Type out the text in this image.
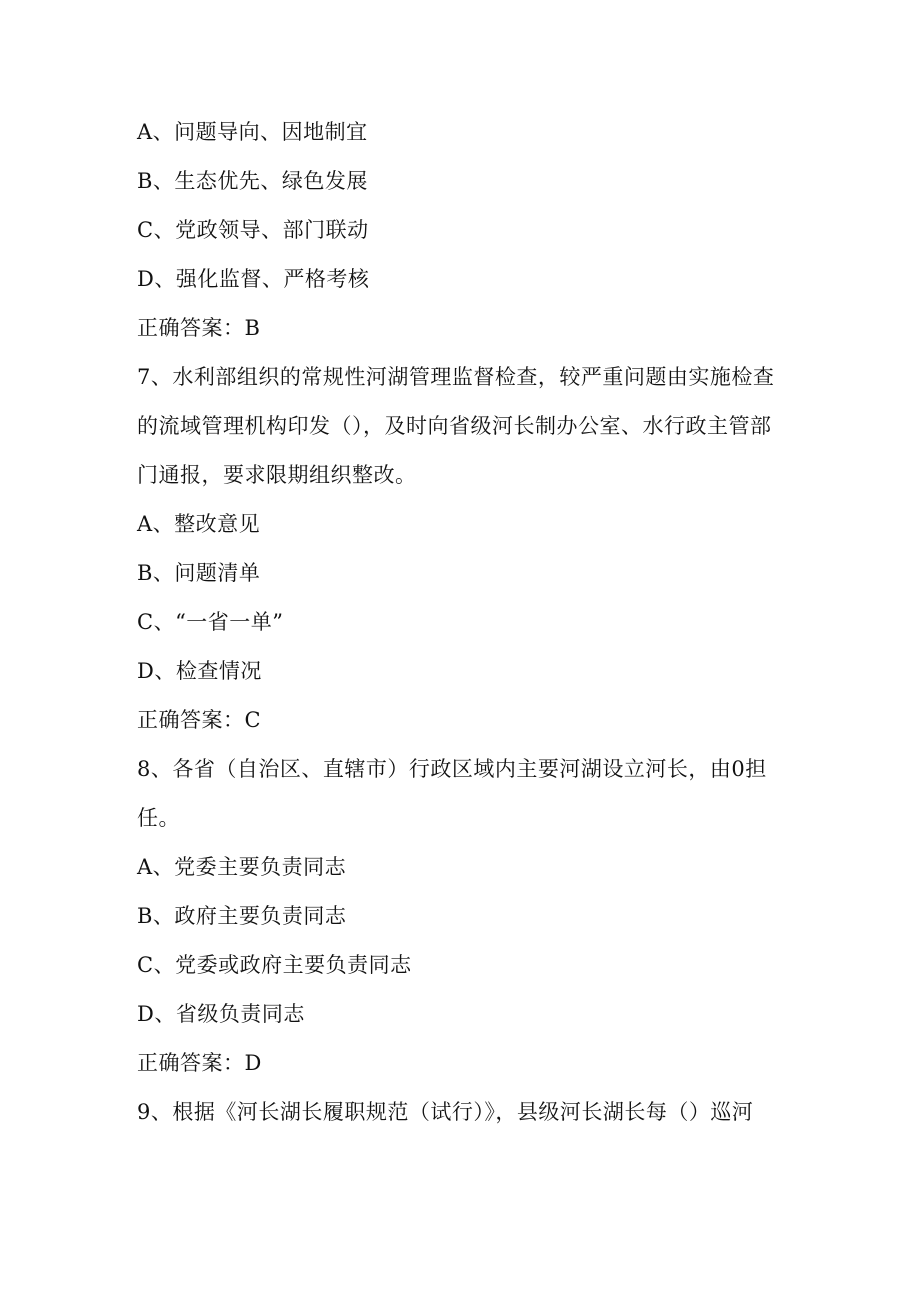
A、问题导向、因地制宜
B、生态优先、绿色发展
C、党政领导、部门联动
D、强化监督、严格考核
正确答案：B
7、水利部组织的常规性河湖管理监督检查，较严重问题由实施检查
的流域管理机构印发（），及时向省级河长制办公室、水行政主管部
门通报，要求限期组织整改。
A、整改意见
B、问题清单
C、“一省一单”
D、检查情况
正确答案：C
8、各省（自治区、直辖市）行政区域内主要河湖设立河长，由0担
任。
A、党委主要负责同志
B、政府主要负责同志
C、党委或政府主要负责同志
D、省级负责同志
正确答案：D
9、根据《河长湖长履职规范（试行）》，县级河长湖长每（）巡河
